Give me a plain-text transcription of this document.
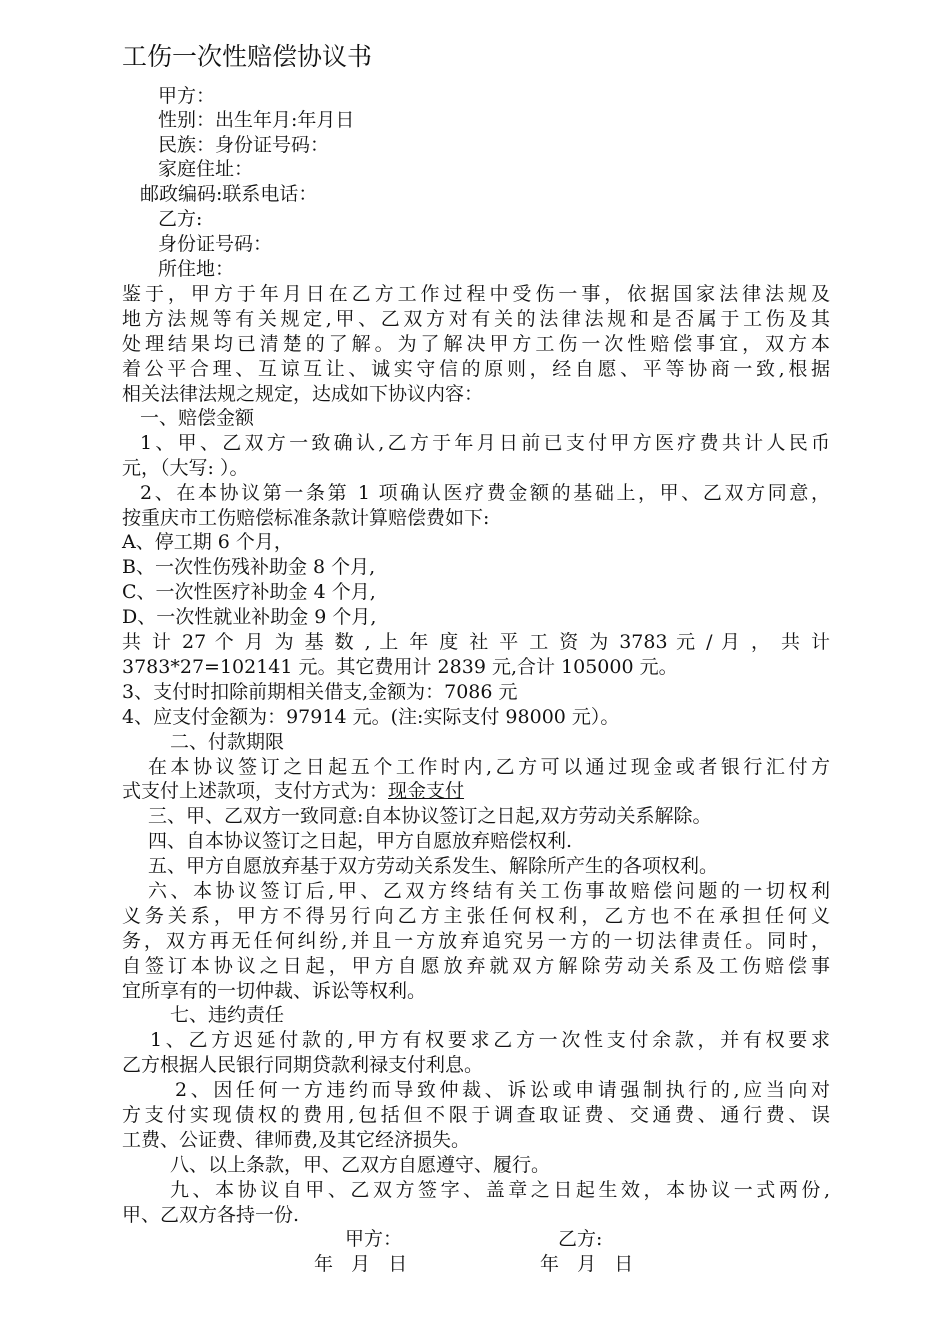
工伤一次性赔偿协议书
甲方：
性别：出生年月:年月日
民族：身份证号码：
家庭住址：
邮政编码:联系电话：
乙方:
身份证号码：
所住地：
鉴于，甲方于年月日在乙方工作过程中受伤一事，依据国家法律法规及
地方法规等有关规定,甲、乙双方对有关的法律法规和是否属于工伤及其
处理结果均已清楚的了解。为了解决甲方工伤一次性赔偿事宜，双方本
着公平合理、互谅互让、诚实守信的原则，经自愿、平等协商一致,根据
相关法律法规之规定，达成如下协议内容：
一、赔偿金额
1、甲、乙双方一致确认,乙方于年月日前已支付甲方医疗费共计人民币
元，（大写: ）。
2、在本协议第一条第 1 项确认医疗费金额的基础上，甲、乙双方同意，
按重庆市工伤赔偿标准条款计算赔偿费如下:
A、停工期 6 个月，
B、一次性伤残补助金 8 个月,
C、一次性医疗补助金 4 个月,
D、一次性就业补助金 9 个月,
共 计 27 个 月 为 基 数 , 上 年 度 社 平 工 资 为 3783 元 / 月 ， 共 计
3783*27=102141 元。其它费用计 2839 元,合计 105000 元。
3、支付时扣除前期相关借支,金额为：7086 元
4、应支付金额为：97914 元。(注:实际支付 98000 元）。
二、付款期限
在本协议签订之日起五个工作时内,乙方可以通过现金或者银行汇付方
式支付上述款项，支付方式为：现金支付
三、甲、乙双方一致同意:自本协议签订之日起,双方劳动关系解除。
四、自本协议签订之日起，甲方自愿放弃赔偿权利.
五、甲方自愿放弃基于双方劳动关系发生、解除所产生的各项权利。
六、本协议签订后,甲、乙双方终结有关工伤事故赔偿问题的一切权利
义务关系，甲方不得另行向乙方主张任何权利，乙方也不在承担任何义
务，双方再无任何纠纷,并且一方放弃追究另一方的一切法律责任。同时，
自签订本协议之日起，甲方自愿放弃就双方解除劳动关系及工伤赔偿事
宜所享有的一切仲裁、诉讼等权利。
七、违约责任
1、乙方迟延付款的,甲方有权要求乙方一次性支付余款，并有权要求
乙方根据人民银行同期贷款利禄支付利息。
2、因任何一方违约而导致仲裁、诉讼或申请强制执行的,应当向对
方支付实现债权的费用,包括但不限于调查取证费、交通费、通行费、误
工费、公证费、律师费,及其它经济损失。
八、以上条款，甲、乙双方自愿遵守、履行。
九、本协议自甲、乙双方签字、盖章之日起生效，本协议一式两份,
甲、乙双方各持一份.
甲方：	乙方:
年   月   日	年   月   日
